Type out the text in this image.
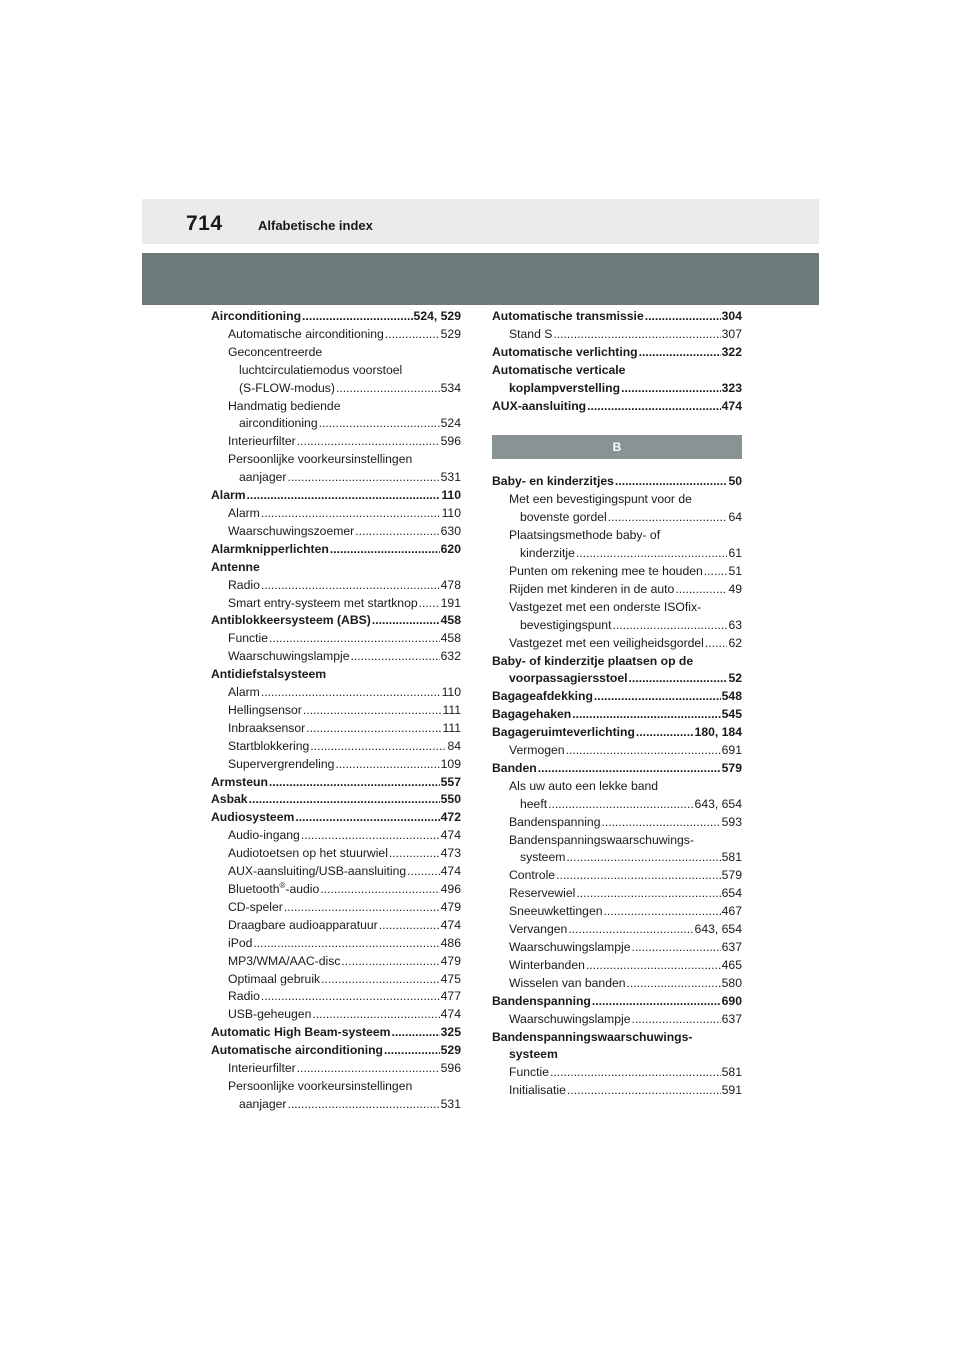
714	Alfabetische index
Airconditioning .....	524, 529
Automatische airconditioning .....	529
Geconcentreerde
luchtcirculatiemodus voorstoel
(S-FLOW-modus) .....	534
Handmatig bediende
airconditioning .....	524
Interieurfilter .....	596
Persoonlijke voorkeursinstellingen
aanjager .....	531
Alarm .....	110
Alarm .....	110
Waarschuwingszoemer .....	630
Alarmknipperlichten .....	620
Antenne
Radio .....	478
Smart entry-systeem met startknop ..... 191
Antiblokkeersysteem (ABS) .....	458
Functie .....	458
Waarschuwingslampje .....	632
Antidiefstalsysteem
Alarm .....	110
Hellingsensor .....	111
Inbraaksensor .....	111
Startblokkering .....	84
Supervergrendeling .....	109
Armsteun .....	557
Asbak .....	550
Audiosysteem .....	472
Audio-ingang .....	474
Audiotoetsen op het stuurwiel .....	473
AUX-aansluiting/USB-aansluiting .....	474
Bluetooth®-audio .....	496
CD-speler .....	479
Draagbare audioapparatuur .....	474
iPod .....	486
MP3/WMA/AAC-disc .....	479
Optimaal gebruik .....	475
Radio .....	477
USB-geheugen .....	474
Automatic High Beam-systeem .....	325
Automatische airconditioning .....	529
Interieurfilter .....	596
Persoonlijke voorkeursinstellingen
aanjager .....	531
Automatische transmissie .....	304
Stand S .....	307
Automatische verlichting .....	322
Automatische verticale
koplampverstelling .....	323
AUX-aansluiting .....	474
B
Baby- en kinderzitjes .....	50
Met een bevestigingspunt voor de
bovenste gordel .....	64
Plaatsingsmethode baby- of
kinderzitje .....	61
Punten om rekening mee te houden ..... 51
Rijden met kinderen in de auto .....	49
Vastgezet met een onderste ISOfix-
bevestigingspunt .....	63
Vastgezet met een veiligheidsgordel ..... 62
Baby- of kinderzitje plaatsen op de
voorpassagiersstoel .....	52
Bagageafdekking .....	548
Bagagehaken .....	545
Bagageruimteverlichting .....	180, 184
Vermogen .....	691
Banden .....	579
Als uw auto een lekke band
heeft .....	643, 654
Bandenspanning .....	593
Bandenspanningswaarschuwings-
systeem .....	581
Controle .....	579
Reservewiel .....	654
Sneeuwkettingen .....	467
Vervangen .....	643, 654
Waarschuwingslampje .....	637
Winterbanden .....	465
Wisselen van banden .....	580
Bandenspanning .....	690
Waarschuwingslampje .....	637
Bandenspanningswaarschuwings-
systeem
Functie .....	581
Initialisatie .....	591
